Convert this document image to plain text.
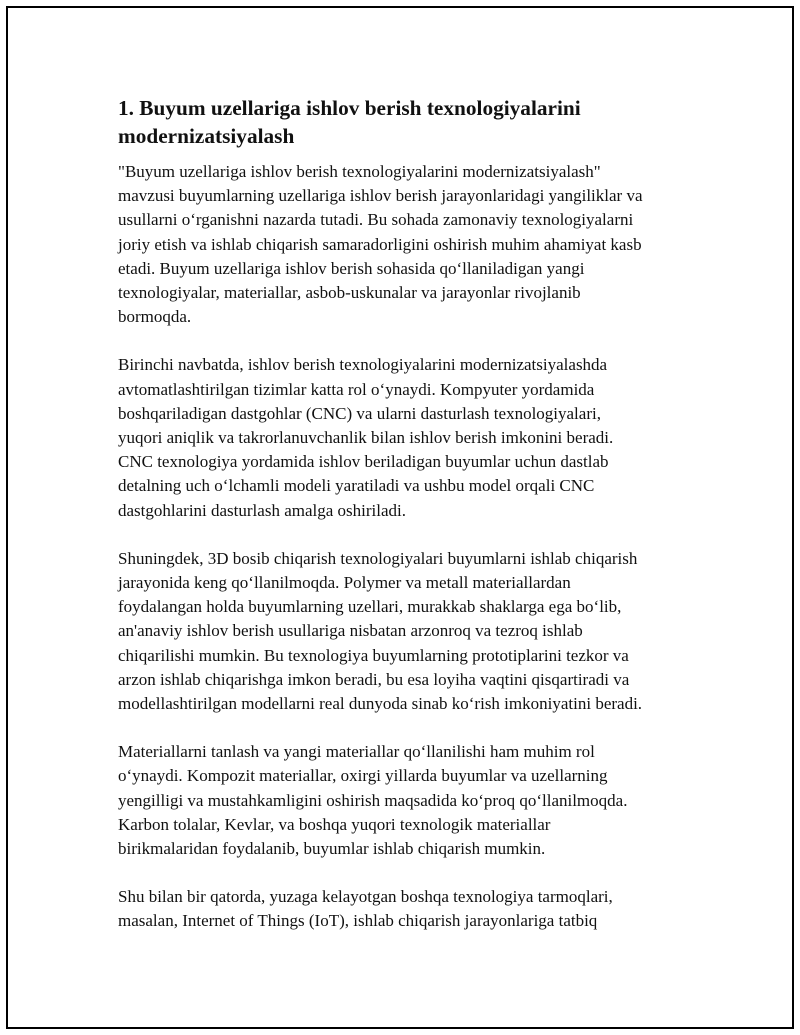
1. Buyum uzellariga ishlov berish texnologiyalarini modernizatsiyalash

"Buyum uzellariga ishlov berish texnologiyalarini modernizatsiyalash"
mavzusi buyumlarning uzellariga ishlov berish jarayonlaridagi yangiliklar va
usullarni o‘rganishni nazarda tutadi. Bu sohada zamonaviy texnologiyalarni
joriy etish va ishlab chiqarish samaradorligini oshirish muhim ahamiyat kasb
etadi. Buyum uzellariga ishlov berish sohasida qo‘llaniladigan yangi
texnologiyalar, materiallar, asbob-uskunalar va jarayonlar rivojlanib
bormoqda.

Birinchi navbatda, ishlov berish texnologiyalarini modernizatsiyalashda
avtomatlashtirilgan tizimlar katta rol o‘ynaydi. Kompyuter yordamida
boshqariladigan dastgohlar (CNC) va ularni dasturlash texnologiyalari,
yuqori aniqlik va takrorlanuvchanlik bilan ishlov berish imkonini beradi.
CNC texnologiya yordamida ishlov beriladigan buyumlar uchun dastlab
detalning uch o‘lchamli modeli yaratiladi va ushbu model orqali CNC
dastgohlarini dasturlash amalga oshiriladi.

Shuningdek, 3D bosib chiqarish texnologiyalari buyumlarni ishlab chiqarish
jarayonida keng qo‘llanilmoqda. Polymer va metall materiallardan
foydalangan holda buyumlarning uzellari, murakkab shaklarga ega bo‘lib,
an'anaviy ishlov berish usullariga nisbatan arzonroq va tezroq ishlab
chiqarilishi mumkin. Bu texnologiya buyumlarning prototiplarini tezkor va
arzon ishlab chiqarishga imkon beradi, bu esa loyiha vaqtini qisqartiradi va
modellashtirilgan modellarni real dunyoda sinab ko‘rish imkoniyatini beradi.

Materiallarni tanlash va yangi materiallar qo‘llanilishi ham muhim rol
o‘ynaydi. Kompozit materiallar, oxirgi yillarda buyumlar va uzellarning
yengilligi va mustahkamligini oshirish maqsadida ko‘proq qo‘llanilmoqda.
Karbon tolalar, Kevlar, va boshqa yuqori texnologik materiallar
birikmalaridan foydalanib, buyumlar ishlab chiqarish mumkin.

Shu bilan bir qatorda, yuzaga kelayotgan boshqa texnologiya tarmoqlari,
masalan, Internet of Things (IoT), ishlab chiqarish jarayonlariga tatbiq
